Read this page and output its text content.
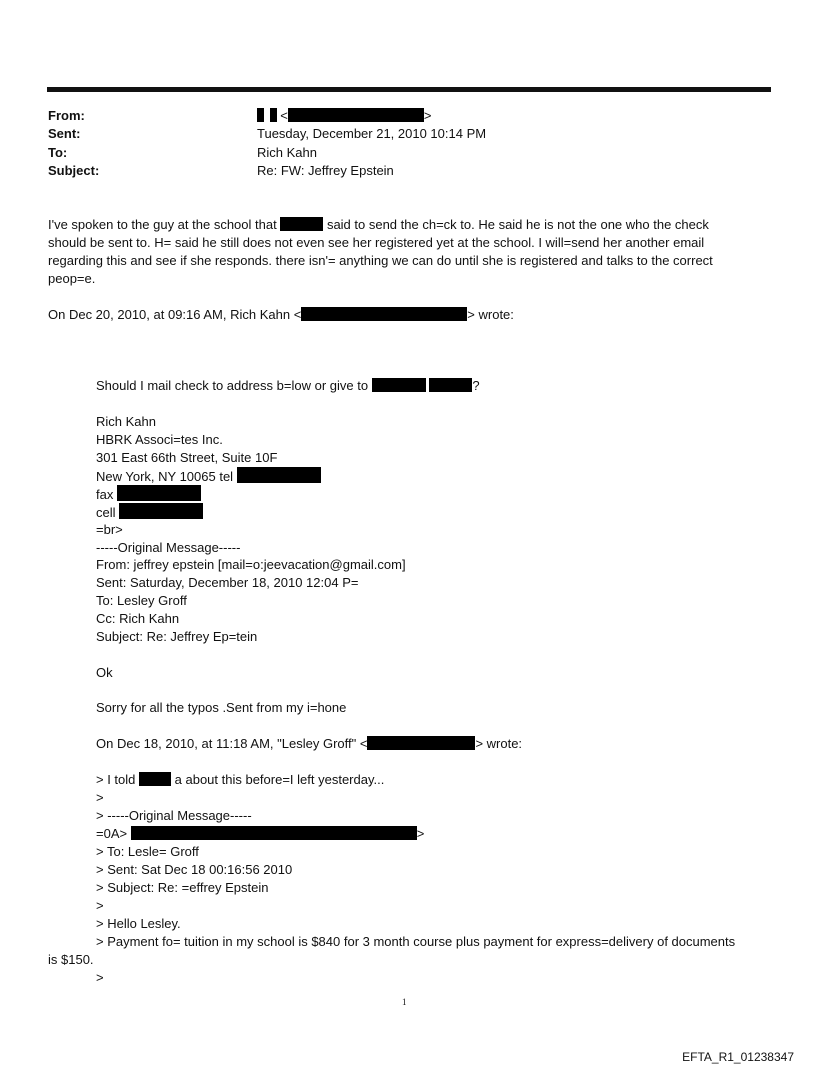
From:	<	>
Sent:	Tuesday, December 21, 2010 10:14 PM
To:	Rich Kahn
Subject:	Re: FW: Jeffrey Epstein
I've spoken to the guy at the school that	said to send the ch=ck to. He said he is not the one who the check should be sent to. H= said he still does not even see her registered yet at the school. I will=send her another email regarding this and see if she responds. there isn'= anything we can do until she is registered and talks to the correct peop=e.
On Dec 20, 2010, at 09:16 AM, Rich Kahn <	> wrote:
Should I mail check to address b=low or give to	?
Rich Kahn
HBRK Associ=tes Inc.
301 East 66th Street, Suite 10F
New York, NY 10065 tel
fax
cell
=br>
-----Original Message-----
From: jeffrey epstein [mail=o:jeevacation@gmail.com]
Sent: Saturday, December 18, 2010 12:04 P=
To: Lesley Groff
Cc: Rich Kahn
Subject: Re: Jeffrey Ep=tein
Ok
Sorry for all the typos .Sent from my i=hone
On Dec 18, 2010, at 11:18 AM, "Lesley Groff" <	> wrote:
> I told	a about this before=I left yesterday...
>
> -----Original Message-----
=0A>	>
> To: Lesle= Groff
> Sent: Sat Dec 18 00:16:56 2010
> Subject: Re: =effrey Epstein
>
> Hello Lesley.
> Payment fo= tuition in my school is $840 for 3 month course plus payment for express=delivery of documents
is $150.
>
1
EFTA_R1_01238347
